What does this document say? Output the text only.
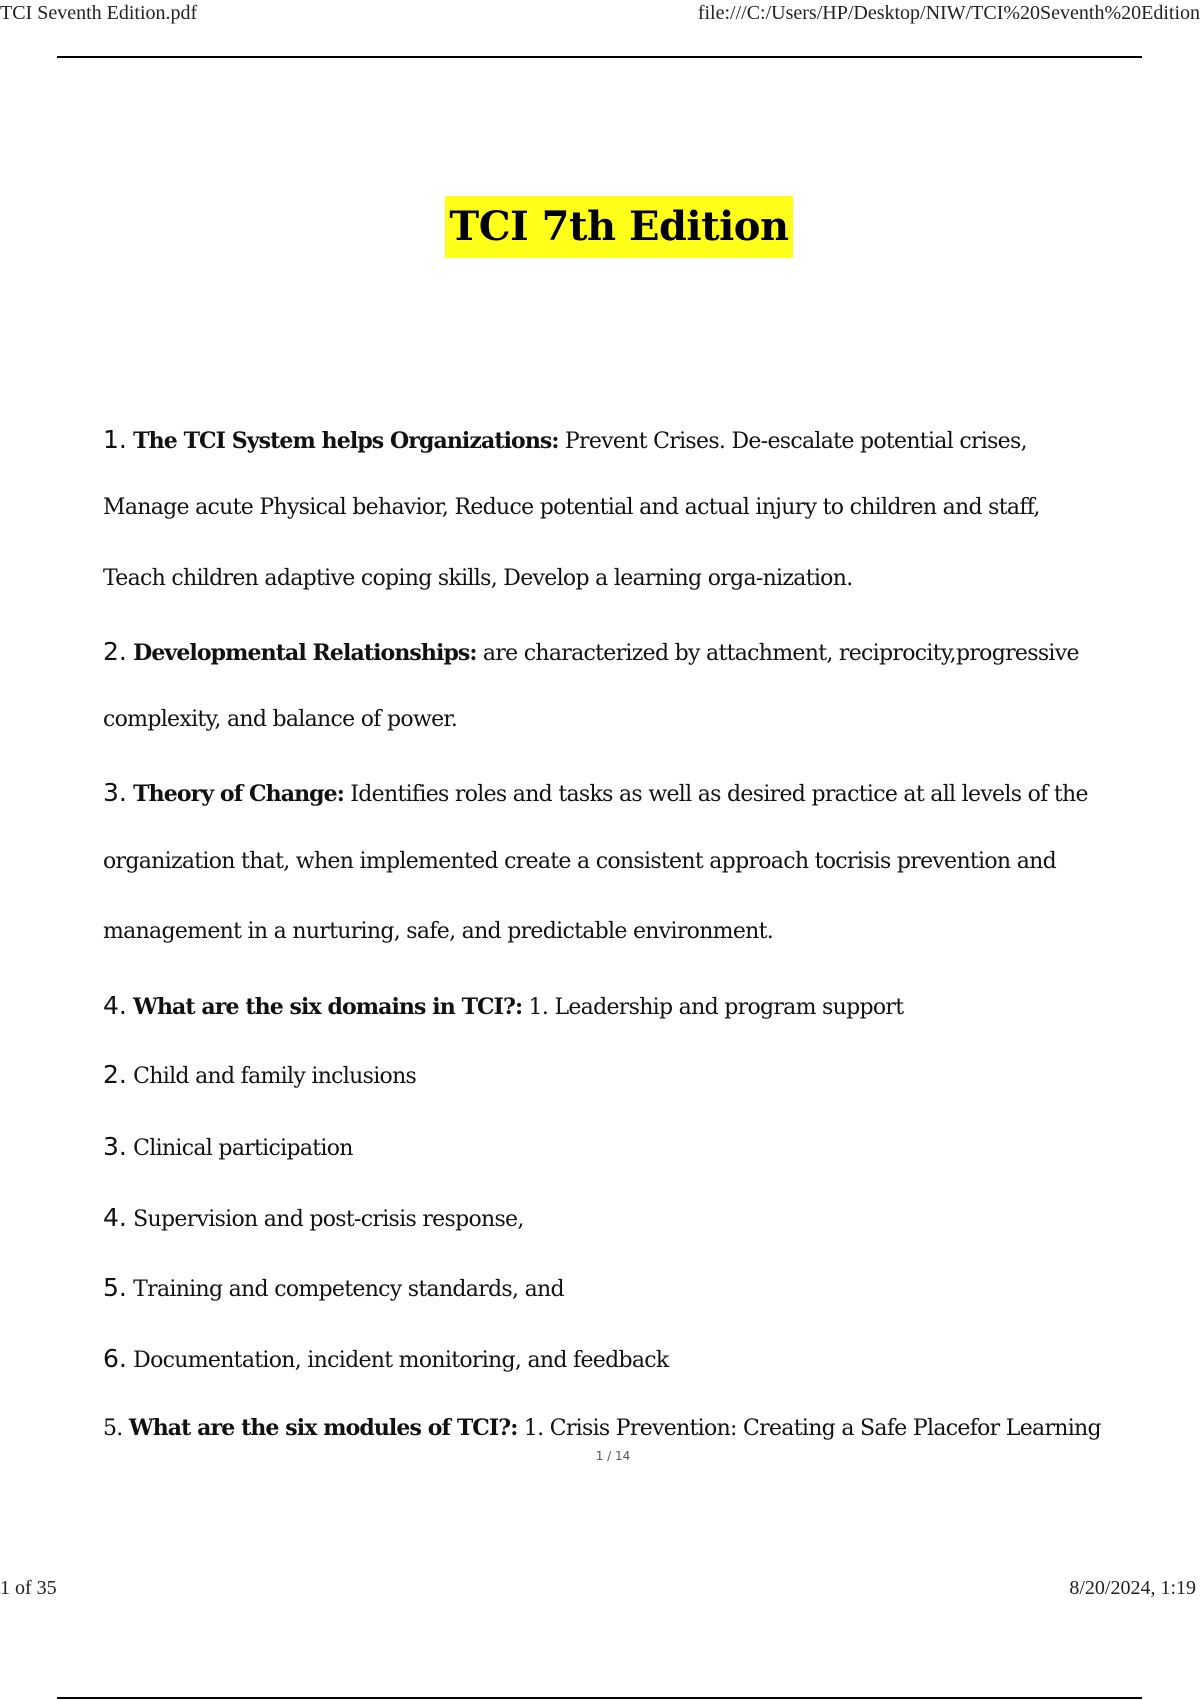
TCI Seventh Edition.pdf	file:///C:/Users/HP/Desktop/NIW/TCI%20Seventh%20Edition
TCI 7th Edition
1. The TCI System helps Organizations: Prevent Crises. De-escalate potential crises,
Manage acute Physical behavior, Reduce potential and actual injury to children and staff,
Teach children adaptive coping skills, Develop a learning orga-nization.
2. Developmental Relationships: are characterized by attachment, reciprocity,progressive
complexity, and balance of power.
3. Theory of Change: Identifies roles and tasks as well as desired practice at all levels of the
organization that, when implemented create a consistent approach tocrisis prevention and
management in a nurturing, safe, and predictable environment.
4. What are the six domains in TCI?: 1. Leadership and program support
2. Child and family inclusions
3. Clinical participation
4. Supervision and post-crisis response,
5. Training and competency standards, and
6. Documentation, incident monitoring, and feedback
5. What are the six modules of TCI?: 1. Crisis Prevention: Creating a Safe Placefor Learning
1 / 14
1 of 35	8/20/2024, 1:19
